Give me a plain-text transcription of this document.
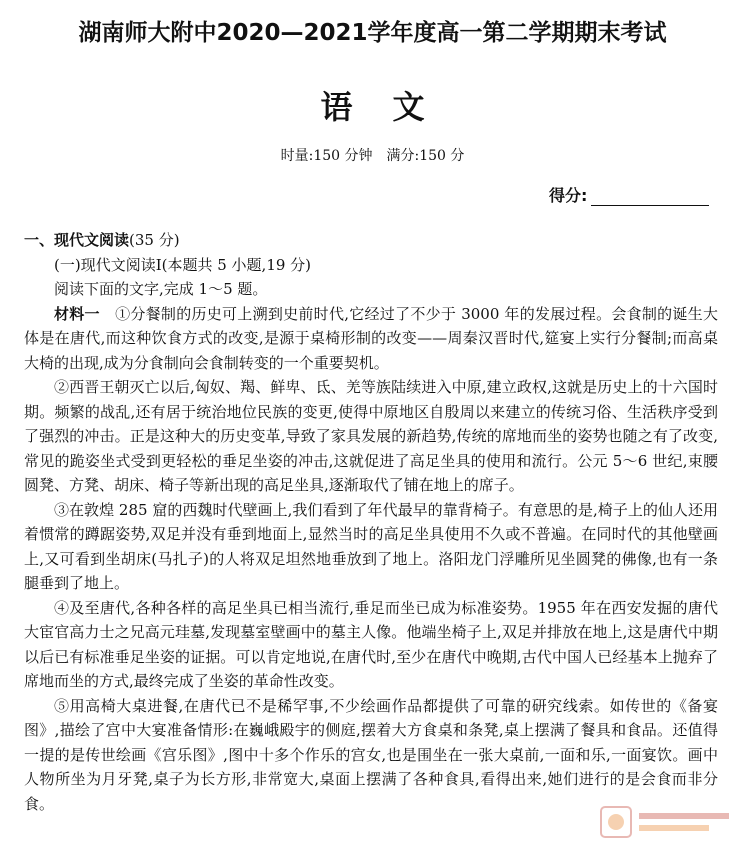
湖南师大附中2020—2021学年度高一第二学期期末考试
语文
时量:150 分钟　满分:150 分
得分:

一、现代文阅读(35 分)

(一)现代文阅读Ⅰ(本题共 5 小题,19 分)

阅读下面的文字,完成 1～5 题。

材料一　 ①分餐制的历史可上溯到史前时代,它经过了不少于 3000 年的发展过程。会食制的诞生大体是在唐代,而这种饮食方式的改变,是源于桌椅形制的改变——周秦汉晋时代,筵宴上实行分餐制;而高桌大椅的出现,成为分食制向会食制转变的一个重要契机。

②西晋王朝灭亡以后,匈奴、羯、鲜卑、氐、羌等族陆续进入中原,建立政权,这就是历史上的十六国时期。频繁的战乱,还有居于统治地位民族的变更,使得中原地区自殷周以来建立的传统习俗、生活秩序受到了强烈的冲击。正是这种大的历史变革,导致了家具发展的新趋势,传统的席地而坐的姿势也随之有了改变,常见的跪姿坐式受到更轻松的垂足坐姿的冲击,这就促进了高足坐具的使用和流行。公元 5～6 世纪,束腰圆凳、方凳、胡床、椅子等新出现的高足坐具,逐渐取代了铺在地上的席子。

③在敦煌 285 窟的西魏时代壁画上,我们看到了年代最早的靠背椅子。有意思的是,椅子上的仙人还用着惯常的蹲踞姿势,双足并没有垂到地面上,显然当时的高足坐具使用不久或不普遍。在同时代的其他壁画上,又可看到坐胡床(马扎子)的人将双足坦然地垂放到了地上。洛阳龙门浮雕所见坐圆凳的佛像,也有一条腿垂到了地上。

④及至唐代,各种各样的高足坐具已相当流行,垂足而坐已成为标准姿势。1955 年在西安发掘的唐代大宦官高力士之兄高元珪墓,发现墓室壁画中的墓主人像。他端坐椅子上,双足并排放在地上,这是唐代中期以后已有标准垂足坐姿的证据。可以肯定地说,在唐代时,至少在唐代中晚期,古代中国人已经基本上抛弃了席地而坐的方式,最终完成了坐姿的革命性改变。

⑤用高椅大桌进餐,在唐代已不是稀罕事,不少绘画作品都提供了可靠的研究线索。如传世的《备宴图》,描绘了宫中大宴准备情形:在巍峨殿宇的侧庭,摆着大方食桌和条凳,桌上摆满了餐具和食品。还值得一提的是传世绘画《宫乐图》,图中十多个作乐的宫女,也是围坐在一张大桌前,一面和乐,一面宴饮。画中人物所坐为月牙凳,桌子为长方形,非常宽大,桌面上摆满了各种食具,看得出来,她们进行的是会食而非分食。
